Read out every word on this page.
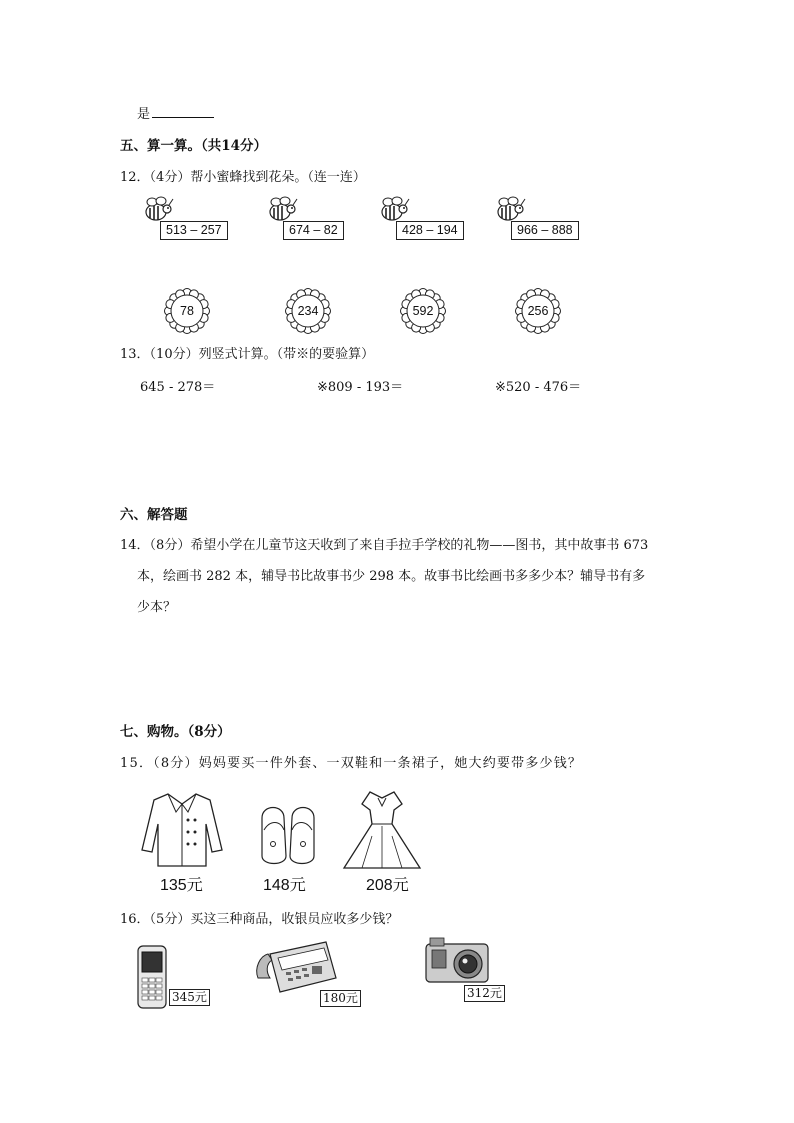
是
五、算一算。（共14分）
12．（4分）帮小蜜蜂找到花朵。（连一连）
513 – 257	674 – 82	428 – 194	966 – 888
78	234	592	256
13．（10分）列竖式计算。（带※的要验算）
645 - 278＝	※809 - 193＝	※520 - 476＝
六、解答题
14．（8分）希望小学在儿童节这天收到了来自手拉手学校的礼物——图书，其中故事书 673
本，绘画书 282 本，辅导书比故事书少 298 本。故事书比绘画书多多少本？辅导书有多
少本？
七、购物。（8分）
15．（8分）妈妈要买一件外套、一双鞋和一条裙子，她大约要带多少钱？
135元	148元	208元
16．（5分）买这三种商品，收银员应收多少钱？
345元	180元	312元
